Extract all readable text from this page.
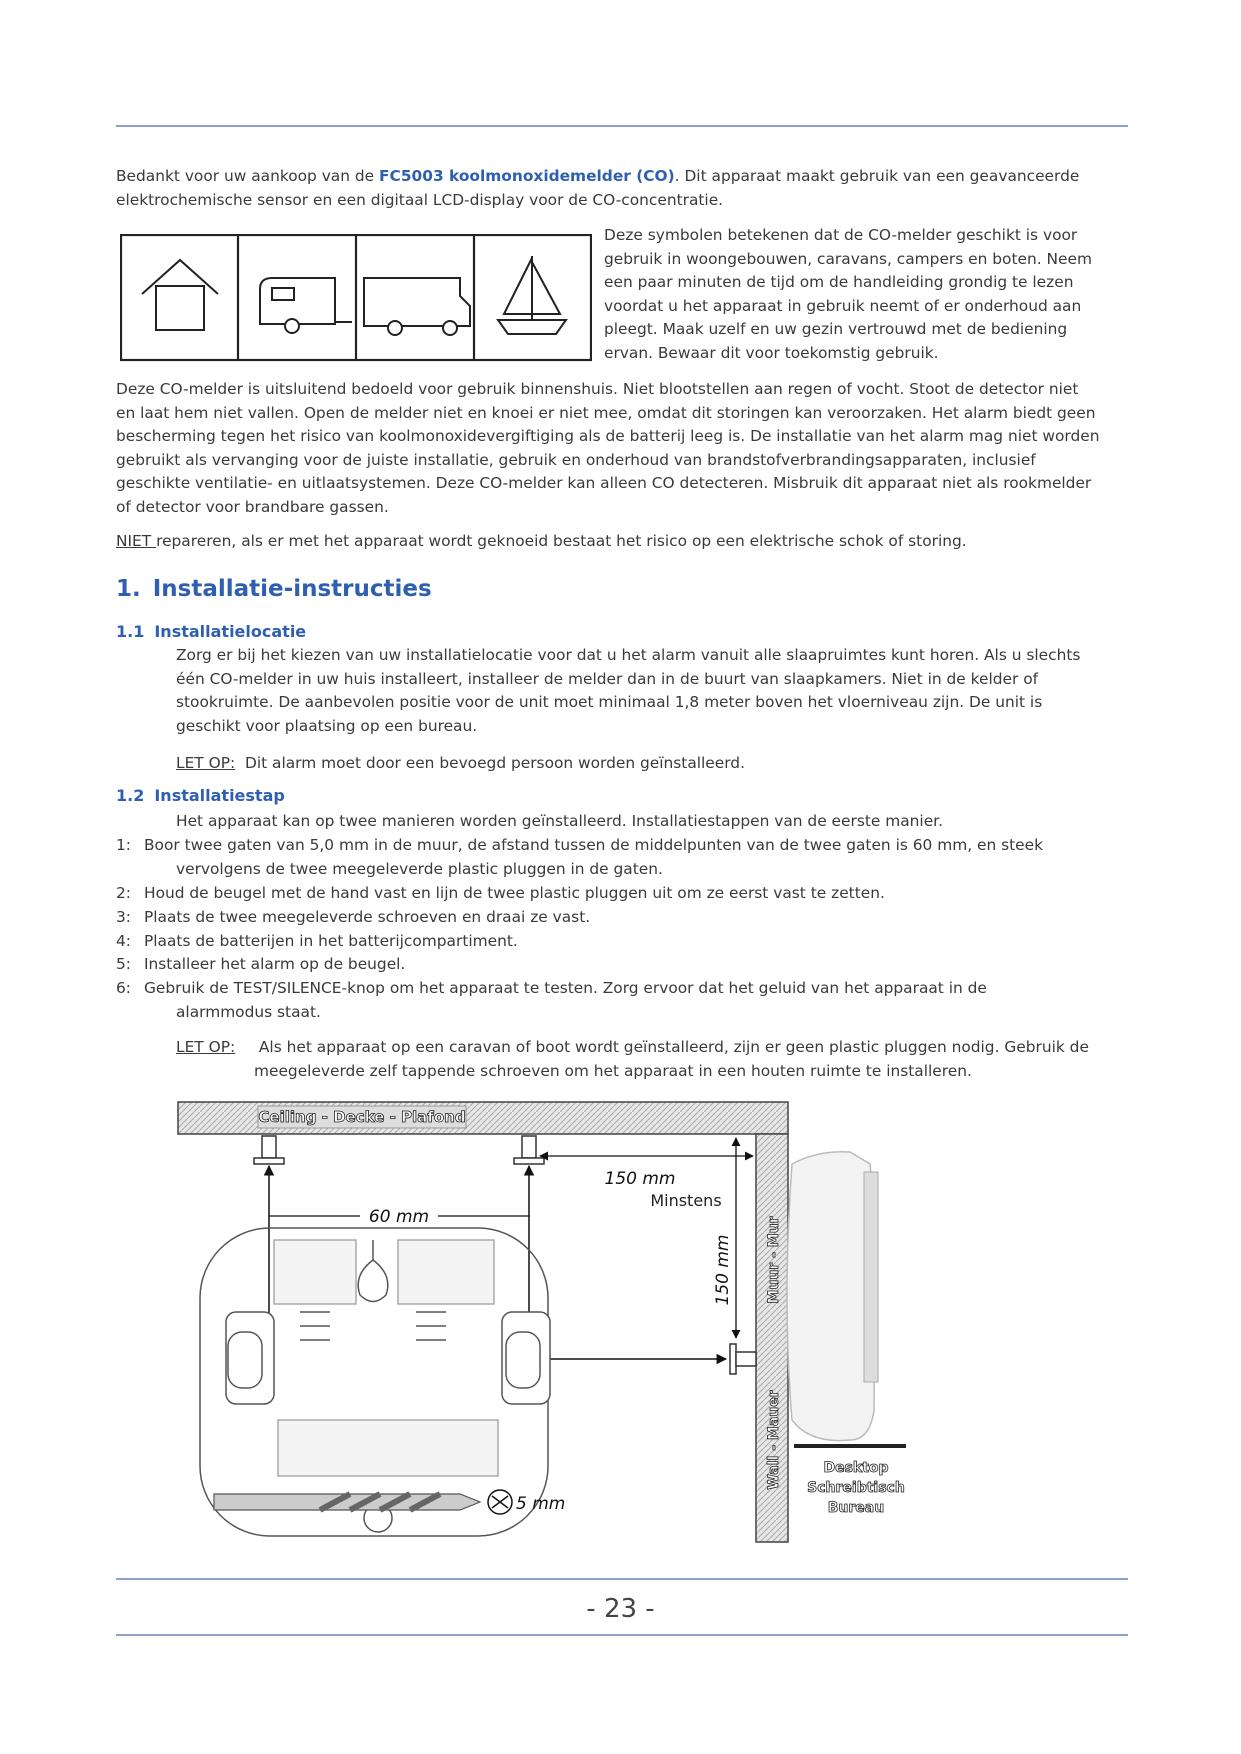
Bedankt voor uw aankoop van de FC5003 koolmonoxidemelder (CO). Dit apparaat maakt gebruik van een geavanceerde
elektrochemische sensor en een digitaal LCD-display voor de CO-concentratie.
Deze symbolen betekenen dat de CO-melder geschikt is voor
gebruik in woongebouwen, caravans, campers en boten. Neem
een paar minuten de tijd om de handleiding grondig te lezen
voordat u het apparaat in gebruik neemt of er onderhoud aan
pleegt. Maak uzelf en uw gezin vertrouwd met de bediening
ervan. Bewaar dit voor toekomstig gebruik.
Deze CO-melder is uitsluitend bedoeld voor gebruik binnenshuis. Niet blootstellen aan regen of vocht. Stoot de detector niet
en laat hem niet vallen. Open de melder niet en knoei er niet mee, omdat dit storingen kan veroorzaken. Het alarm biedt geen
bescherming tegen het risico van koolmonoxidevergiftiging als de batterij leeg is. De installatie van het alarm mag niet worden
gebruikt als vervanging voor de juiste installatie, gebruik en onderhoud van brandstofverbrandingsapparaten, inclusief
geschikte ventilatie- en uitlaatsystemen. Deze CO-melder kan alleen CO detecteren. Misbruik dit apparaat niet als rookmelder
of detector voor brandbare gassen.
NIET repareren, als er met het apparaat wordt geknoeid bestaat het risico op een elektrische schok of storing.
1. Installatie-instructies
1.1 Installatielocatie
Zorg er bij het kiezen van uw installatielocatie voor dat u het alarm vanuit alle slaapruimtes kunt horen. Als u slechts
één CO-melder in uw huis installeert, installeer de melder dan in de buurt van slaapkamers. Niet in de kelder of
stookruimte. De aanbevolen positie voor de unit moet minimaal 1,8 meter boven het vloerniveau zijn. De unit is
geschikt voor plaatsing op een bureau.
LET OP: Dit alarm moet door een bevoegd persoon worden geïnstalleerd.
1.2 Installatiestap
Het apparaat kan op twee manieren worden geïnstalleerd. Installatiestappen van de eerste manier.
1: Boor twee gaten van 5,0 mm in de muur, de afstand tussen de middelpunten van de twee gaten is 60 mm, en steek
vervolgens de twee meegeleverde plastic pluggen in de gaten.
2: Houd de beugel met de hand vast en lijn de twee plastic pluggen uit om ze eerst vast te zetten.
3: Plaats de twee meegeleverde schroeven en draai ze vast.
4: Plaats de batterijen in het batterijcompartiment.
5: Installeer het alarm op de beugel.
6: Gebruik de TEST/SILENCE-knop om het apparaat te testen. Zorg ervoor dat het geluid van het apparaat in de
alarmmodus staat.
LET OP: Als het apparaat op een caravan of boot wordt geïnstalleerd, zijn er geen plastic pluggen nodig. Gebruik de
meegeleverde zelf tappende schroeven om het apparaat in een houten ruimte te installeren.
Ceiling - Decke - Plafond
Muur - Mur
Wall - Mauer
60 mm
150 mm
Minstens
150 mm
5 mm
Desktop
Schreibtisch
Bureau
- 23 -
